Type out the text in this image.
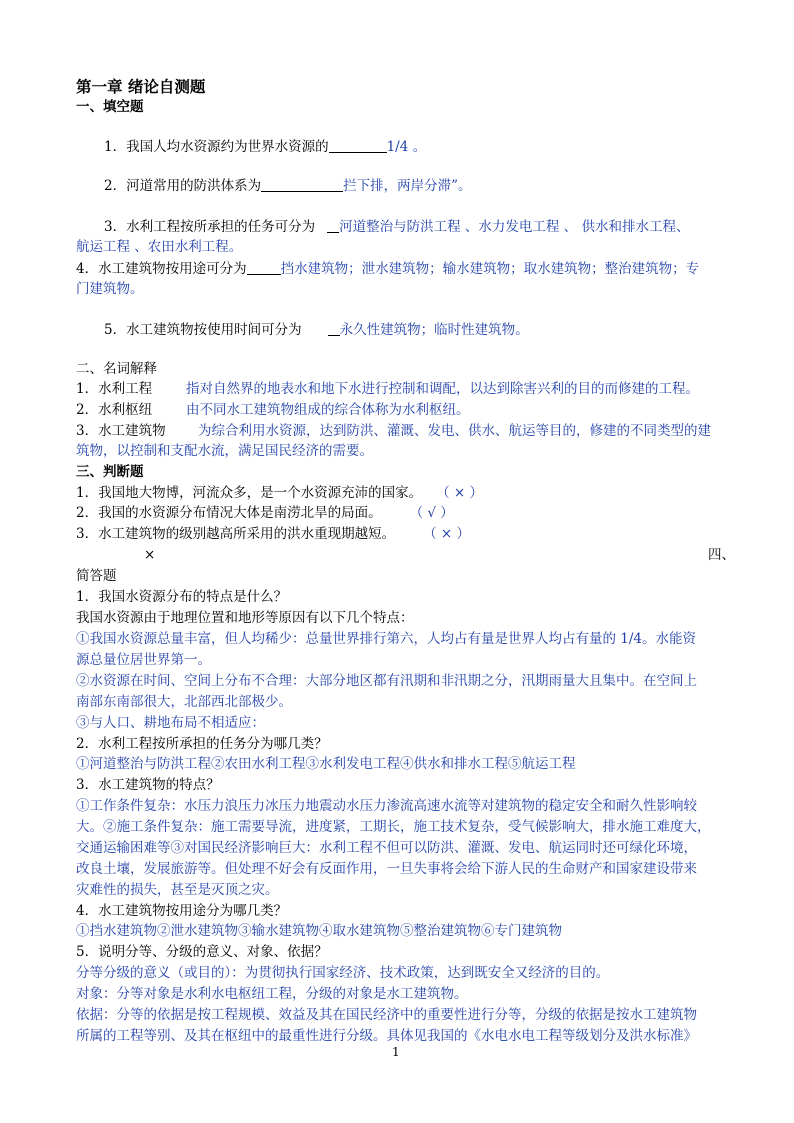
第一章 绪论自测题
一、填空题
1．我国人均水资源约为世界水资源的	1/4 。
2．河道常用的防洪体系为	拦下排，两岸分滞”。
3．水利工程按所承担的任务可分为 河道整治与防洪工程 、水力发电工程 、 供水和排水工程、
航运工程 、农田水利工程。
4．水工建筑物按用途可分为	挡水建筑物；泄水建筑物；输水建筑物；取水建筑物；整治建筑物；专
门建筑物。
5．水工建筑物按使用时间可分为	永久性建筑物；临时性建筑物。
二、名词解释
1．水利工程	指对自然界的地表水和地下水进行控制和调配，以达到除害兴利的目的而修建的工程。
2．水利枢纽	由不同水工建筑物组成的综合体称为水利枢纽。
3．水工建筑物 为综合利用水资源，达到防洪、灌溉、发电、供水、航运等目的，修建的不同类型的建
筑物，以控制和支配水流，满足国民经济的需要。
三、判断题
1．我国地大物博，河流众多，是一个水资源充沛的国家。 （ × ）
2．我国的水资源分布情况大体是南涝北旱的局面。 （ √ ）
3．水工建筑物的级别越高所采用的洪水重现期越短。 （ × ）
×	四、
简答题
1．我国水资源分布的特点是什么？
我国水资源由于地理位置和地形等原因有以下几个特点：
①我国水资源总量丰富，但人均稀少：总量世界排行第六，人均占有量是世界人均占有量的 1/4。水能资
源总量位居世界第一。
②水资源在时间、空间上分布不合理：大部分地区都有汛期和非汛期之分，汛期雨量大且集中。在空间上
南部东南部很大，北部西北部极少。
③与人口、耕地布局不相适应：
2．水利工程按所承担的任务分为哪几类？
①河道整治与防洪工程②农田水利工程③水利发电工程④供水和排水工程⑤航运工程
3．水工建筑物的特点？
①工作条件复杂：水压力浪压力冰压力地震动水压力渗流高速水流等对建筑物的稳定安全和耐久性影响较
大。②施工条件复杂：施工需要导流，进度紧，工期长，施工技术复杂，受气候影响大，排水施工难度大，
交通运输困难等③对国民经济影响巨大：水利工程不但可以防洪、灌溉、发电、航运同时还可绿化环境，
改良土壤，发展旅游等。但处理不好会有反面作用，一旦失事将会给下游人民的生命财产和国家建设带来
灾难性的损失，甚至是灭顶之灾。
4．水工建筑物按用途分为哪几类？
①挡水建筑物②泄水建筑物③输水建筑物④取水建筑物⑤整治建筑物⑥专门建筑物
5．说明分等、分级的意义、对象、依据？
分等分级的意义（或目的）：为贯彻执行国家经济、技术政策，达到既安全又经济的目的。
对象：分等对象是水利水电枢纽工程，分级的对象是水工建筑物。
依据：分等的依据是按工程规模、效益及其在国民经济中的重要性进行分等，分级的依据是按水工建筑物
所属的工程等别、及其在枢纽中的最重性进行分级。具体见我国的《水电水电工程等级划分及洪水标准》
1
